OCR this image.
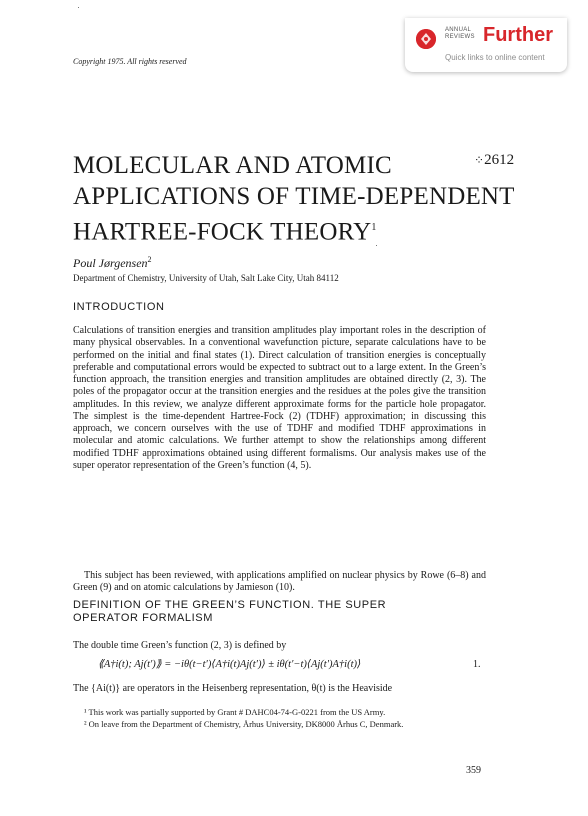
ANNUAL
REVIEWS Further
Quick links to online content
Copyright 1975. All rights reserved
MOLECULAR AND ATOMIC
APPLICATIONS OF TIME-DEPENDENT
HARTREE-FOCK THEORY$^1$
⁘2612
Poul Jørgensen$^2$
Department of Chemistry, University of Utah, Salt Lake City, Utah 84112
INTRODUCTION
Calculations of transition energies and transition amplitudes play important roles in the description of many physical observables. In a conventional wavefunction picture, separate calculations have to be performed on the initial and final states (1). Direct calculation of transition energies is conceptually preferable and computational errors would be expected to subtract out to a large extent. In the Green’s function approach, the transition energies and transition amplitudes are obtained directly (2, 3). The poles of the propagator occur at the transition energies and the residues at the poles give the transition amplitudes. In this review, we analyze different approximate forms for the particle hole propagator. The simplest is the time-dependent Hartree-Fock (2) (TDHF) approximation; in discussing this approach, we concern ourselves with the use of TDHF and modified TDHF approximations in molecular and atomic calculations. We further attempt to show the relationships among different modified TDHF approximations obtained using different formalisms. Our analysis makes use of the super operator representation of the Green’s function (4, 5).
This subject has been reviewed, with applications amplified on nuclear physics by Rowe (6–8) and Green (9) and on atomic calculations by Jamieson (10).
DEFINITION OF THE GREEN’S FUNCTION. THE SUPER
OPERATOR FORMALISM
The double time Green’s function (2, 3) is defined by
⟪A†i(t); Aj(t′)⟫ = −iθ(t−t′)⟨A†i(t)Aj(t′)⟩ ± iθ(t′−t)⟨Aj(t′)A†i(t)⟩	1.
The {Ai(t)} are operators in the Heisenberg representation, θ(t) is the Heaviside
¹ This work was partially supported by Grant # DAHC04-74-G-0221 from the US Army.
² On leave from the Department of Chemistry, Århus University, DK8000 Århus C, Denmark.
359
